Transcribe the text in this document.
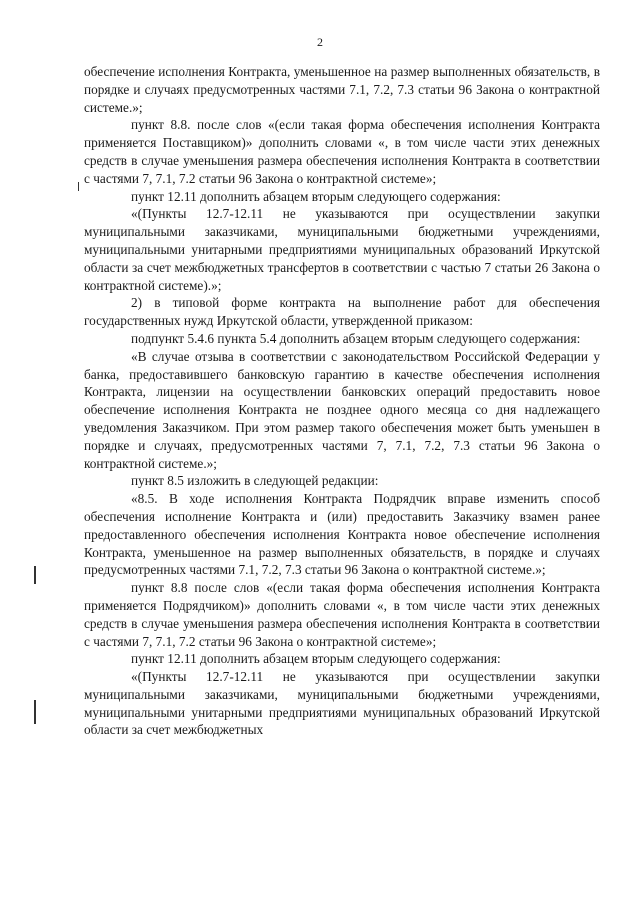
2

обеспечение исполнения Контракта, уменьшенное на размер выполненных обязательств, в порядке и случаях предусмотренных частями 7.1, 7.2, 7.3 статьи 96 Закона о контрактной системе.»;

пункт 8.8. после слов «(если такая форма обеспечения исполнения Контракта применяется Поставщиком)» дополнить словами «, в том числе части этих денежных средств в случае уменьшения размера обеспечения исполнения Контракта в соответствии с частями 7, 7.1, 7.2 статьи 96 Закона о контрактной системе»;

пункт 12.11 дополнить абзацем вторым следующего содержания:

«(Пункты 12.7-12.11 не указываются при осуществлении закупки муниципальными заказчиками, муниципальными бюджетными учреждениями, муниципальными унитарными предприятиями муниципальных образований Иркутской области за счет межбюджетных трансфертов в соответствии с частью 7 статьи 26 Закона о контрактной системе).»;

2) в типовой форме контракта на выполнение работ для обеспечения государственных нужд Иркутской области, утвержденной приказом:

подпункт 5.4.6 пункта 5.4 дополнить абзацем вторым следующего содержания:

«В случае отзыва в соответствии с законодательством Российской Федерации у банка, предоставившего банковскую гарантию в качестве обеспечения исполнения Контракта, лицензии на осуществлении банковских операций предоставить новое обеспечение исполнения Контракта не позднее одного месяца со дня надлежащего уведомления Заказчиком. При этом размер такого обеспечения может быть уменьшен в порядке и случаях, предусмотренных частями 7, 7.1, 7.2, 7.3 статьи 96 Закона о контрактной системе.»;

пункт 8.5 изложить в следующей редакции:

«8.5. В ходе исполнения Контракта Подрядчик вправе изменить способ обеспечения исполнение Контракта и (или) предоставить Заказчику взамен ранее предоставленного обеспечения исполнения Контракта новое обеспечение исполнения Контракта, уменьшенное на размер выполненных обязательств, в порядке и случаях предусмотренных частями 7.1, 7.2, 7.3 статьи 96 Закона о контрактной системе.»;

пункт 8.8 после слов «(если такая форма обеспечения исполнения Контракта применяется Подрядчиком)» дополнить словами «, в том числе части этих денежных средств в случае уменьшения размера обеспечения исполнения Контракта в соответствии с частями 7, 7.1, 7.2 статьи 96 Закона о контрактной системе»;

пункт 12.11 дополнить абзацем вторым следующего содержания:

«(Пункты 12.7-12.11 не указываются при осуществлении закупки муниципальными заказчиками, муниципальными бюджетными учреждениями, муниципальными унитарными предприятиями муниципальных образований Иркутской области за счет межбюджетных
